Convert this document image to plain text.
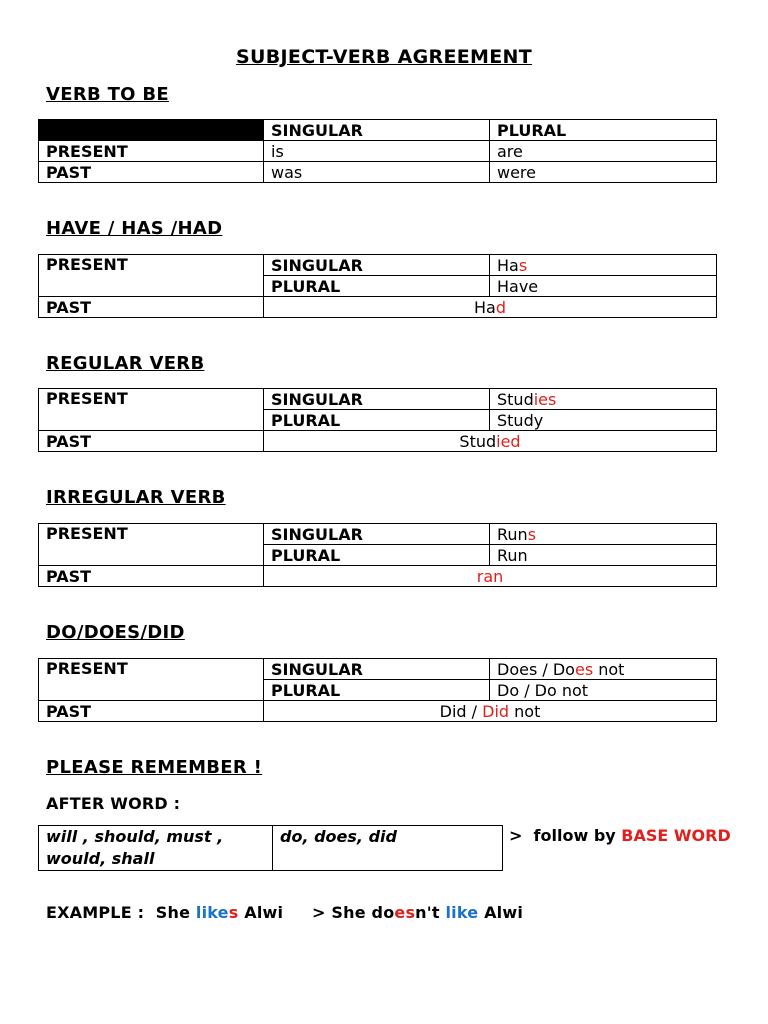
SUBJECT-VERB AGREEMENT
VERB TO BE
	SINGULAR	PLURAL
PRESENT	is	are
PAST	was	were
HAVE / HAS /HAD
PRESENT	SINGULAR	Has
	PLURAL	Have
PAST	Had	
REGULAR VERB
PRESENT	SINGULAR	Studies
	PLURAL	Study
PAST	Studied	
IRREGULAR VERB
PRESENT	SINGULAR	Runs
	PLURAL	Run
PAST	ran	
DO/DOES/DID
PRESENT	SINGULAR	Does / Does not
	PLURAL	Do / Do not
PAST	Did / Did not	
PLEASE REMEMBER !
AFTER WORD :
will , should, must , would, shall	do, does, did	>  follow by BASE WORD
EXAMPLE : She likes Alwi > She doesn't like Alwi
